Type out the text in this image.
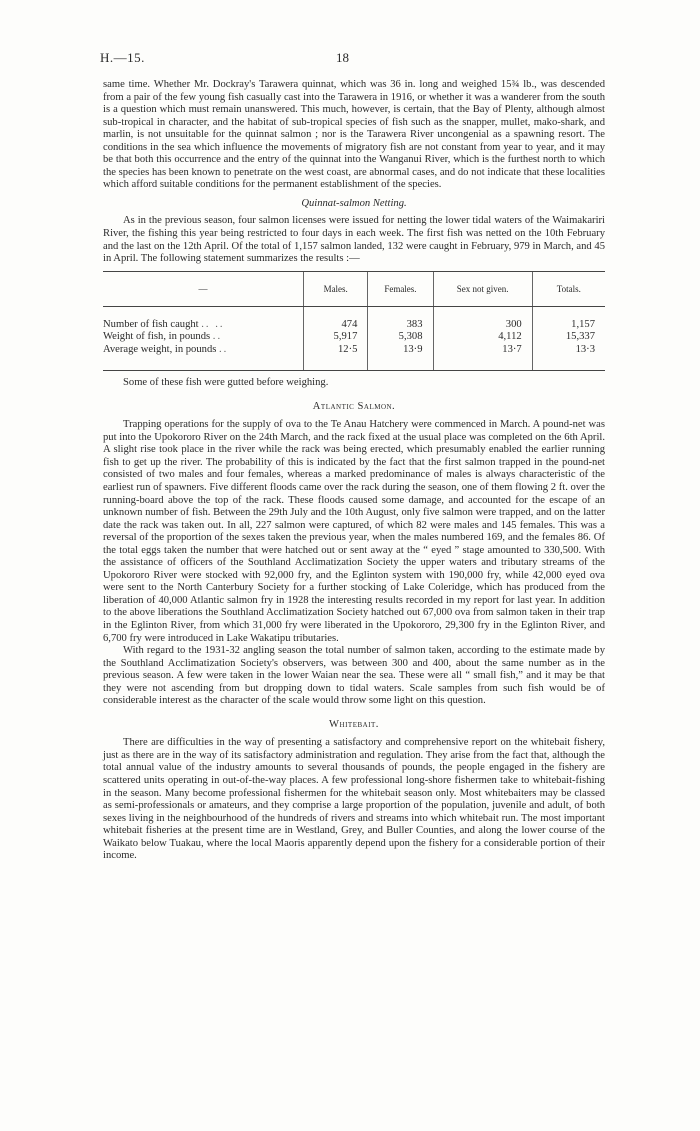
H.—15.	18

same time. Whether Mr. Dockray's Tarawera quinnat, which was 36 in. long and weighed 15¾ lb., was descended from a pair of the few young fish casually cast into the Tarawera in 1916, or whether it was a wanderer from the south is a question which must remain unanswered. This much, however, is certain, that the Bay of Plenty, although almost sub-tropical in character, and the habitat of sub-tropical species of fish such as the snapper, mullet, mako-shark, and marlin, is not unsuitable for the quinnat salmon ; nor is the Tarawera River uncongenial as a spawning resort. The conditions in the sea which influence the movements of migratory fish are not constant from year to year, and it may be that both this occurrence and the entry of the quinnat into the Wanganui River, which is the furthest north to which the species has been known to penetrate on the west coast, are abnormal cases, and do not indicate that these localities which afford suitable conditions for the permanent establishment of the species.

Quinnat-salmon Netting.

As in the previous season, four salmon licenses were issued for netting the lower tidal waters of the Waimakariri River, the fishing this year being restricted to four days in each week. The first fish was netted on the 10th February and the last on the 12th April. Of the total of 1,157 salmon landed, 132 were caught in February, 979 in March, and 45 in April. The following statement summarizes the results :—

—	Males.	Females.	Sex not given.	Totals.

Number of fish caught .. ..	474	383	300	1,157
Weight of fish, in pounds ..	5,917	5,308	4,112	15,337
Average weight, in pounds ..	12·5	13·9	13·7	13·3

Some of these fish were gutted before weighing.

Atlantic Salmon.

Trapping operations for the supply of ova to the Te Anau Hatchery were commenced in March. A pound-net was put into the Upokororo River on the 24th March, and the rack fixed at the usual place was completed on the 6th April. A slight rise took place in the river while the rack was being erected, which presumably enabled the earlier running fish to get up the river. The probability of this is indicated by the fact that the first salmon trapped in the pound-net consisted of two males and four females, whereas a marked predominance of males is always characteristic of the earliest run of spawners. Five different floods came over the rack during the season, one of them flowing 2 ft. over the running-board above the top of the rack. These floods caused some damage, and accounted for the escape of an unknown number of fish. Between the 29th July and the 10th August, only five salmon were trapped, and on the latter date the rack was taken out. In all, 227 salmon were captured, of which 82 were males and 145 females. This was a reversal of the proportion of the sexes taken the previous year, when the males numbered 169, and the females 86. Of the total eggs taken the number that were hatched out or sent away at the “ eyed ” stage amounted to 330,500. With the assistance of officers of the Southland Acclimatization Society the upper waters and tributary streams of the Upokororo River were stocked with 92,000 fry, and the Eglinton system with 190,000 fry, while 42,000 eyed ova were sent to the North Canterbury Society for a further stocking of Lake Coleridge, which has produced from the liberation of 40,000 Atlantic salmon fry in 1928 the interesting results recorded in my report for last year. In addition to the above liberations the Southland Acclimatization Society hatched out 67,000 ova from salmon taken in their trap in the Eglinton River, from which 31,000 fry were liberated in the Upokororo, 29,300 fry in the Eglinton River, and 6,700 fry were introduced in Lake Wakatipu tributaries.

With regard to the 1931-32 angling season the total number of salmon taken, according to the estimate made by the Southland Acclimatization Society's observers, was between 300 and 400, about the same number as in the previous season. A few were taken in the lower Waian near the sea. These were all “ small fish,” and it may be that they were not ascending from but dropping down to tidal waters. Scale samples from such fish would be of considerable interest as the character of the scale would throw some light on this question.

Whitebait.

There are difficulties in the way of presenting a satisfactory and comprehensive report on the whitebait fishery, just as there are in the way of its satisfactory administration and regulation. They arise from the fact that, although the total annual value of the industry amounts to several thousands of pounds, the people engaged in the fishery are scattered units operating in out-of-the-way places. A few professional long-shore fishermen take to whitebait-fishing in the season. Many become professional fishermen for the whitebait season only. Most whitebaiters may be classed as semi-professionals or amateurs, and they comprise a large proportion of the population, juvenile and adult, of both sexes living in the neighbourhood of the hundreds of rivers and streams into which whitebait run. The most important whitebait fisheries at the present time are in Westland, Grey, and Buller Counties, and along the lower course of the Waikato below Tuakau, where the local Maoris apparently depend upon the fishery for a considerable portion of their income.
